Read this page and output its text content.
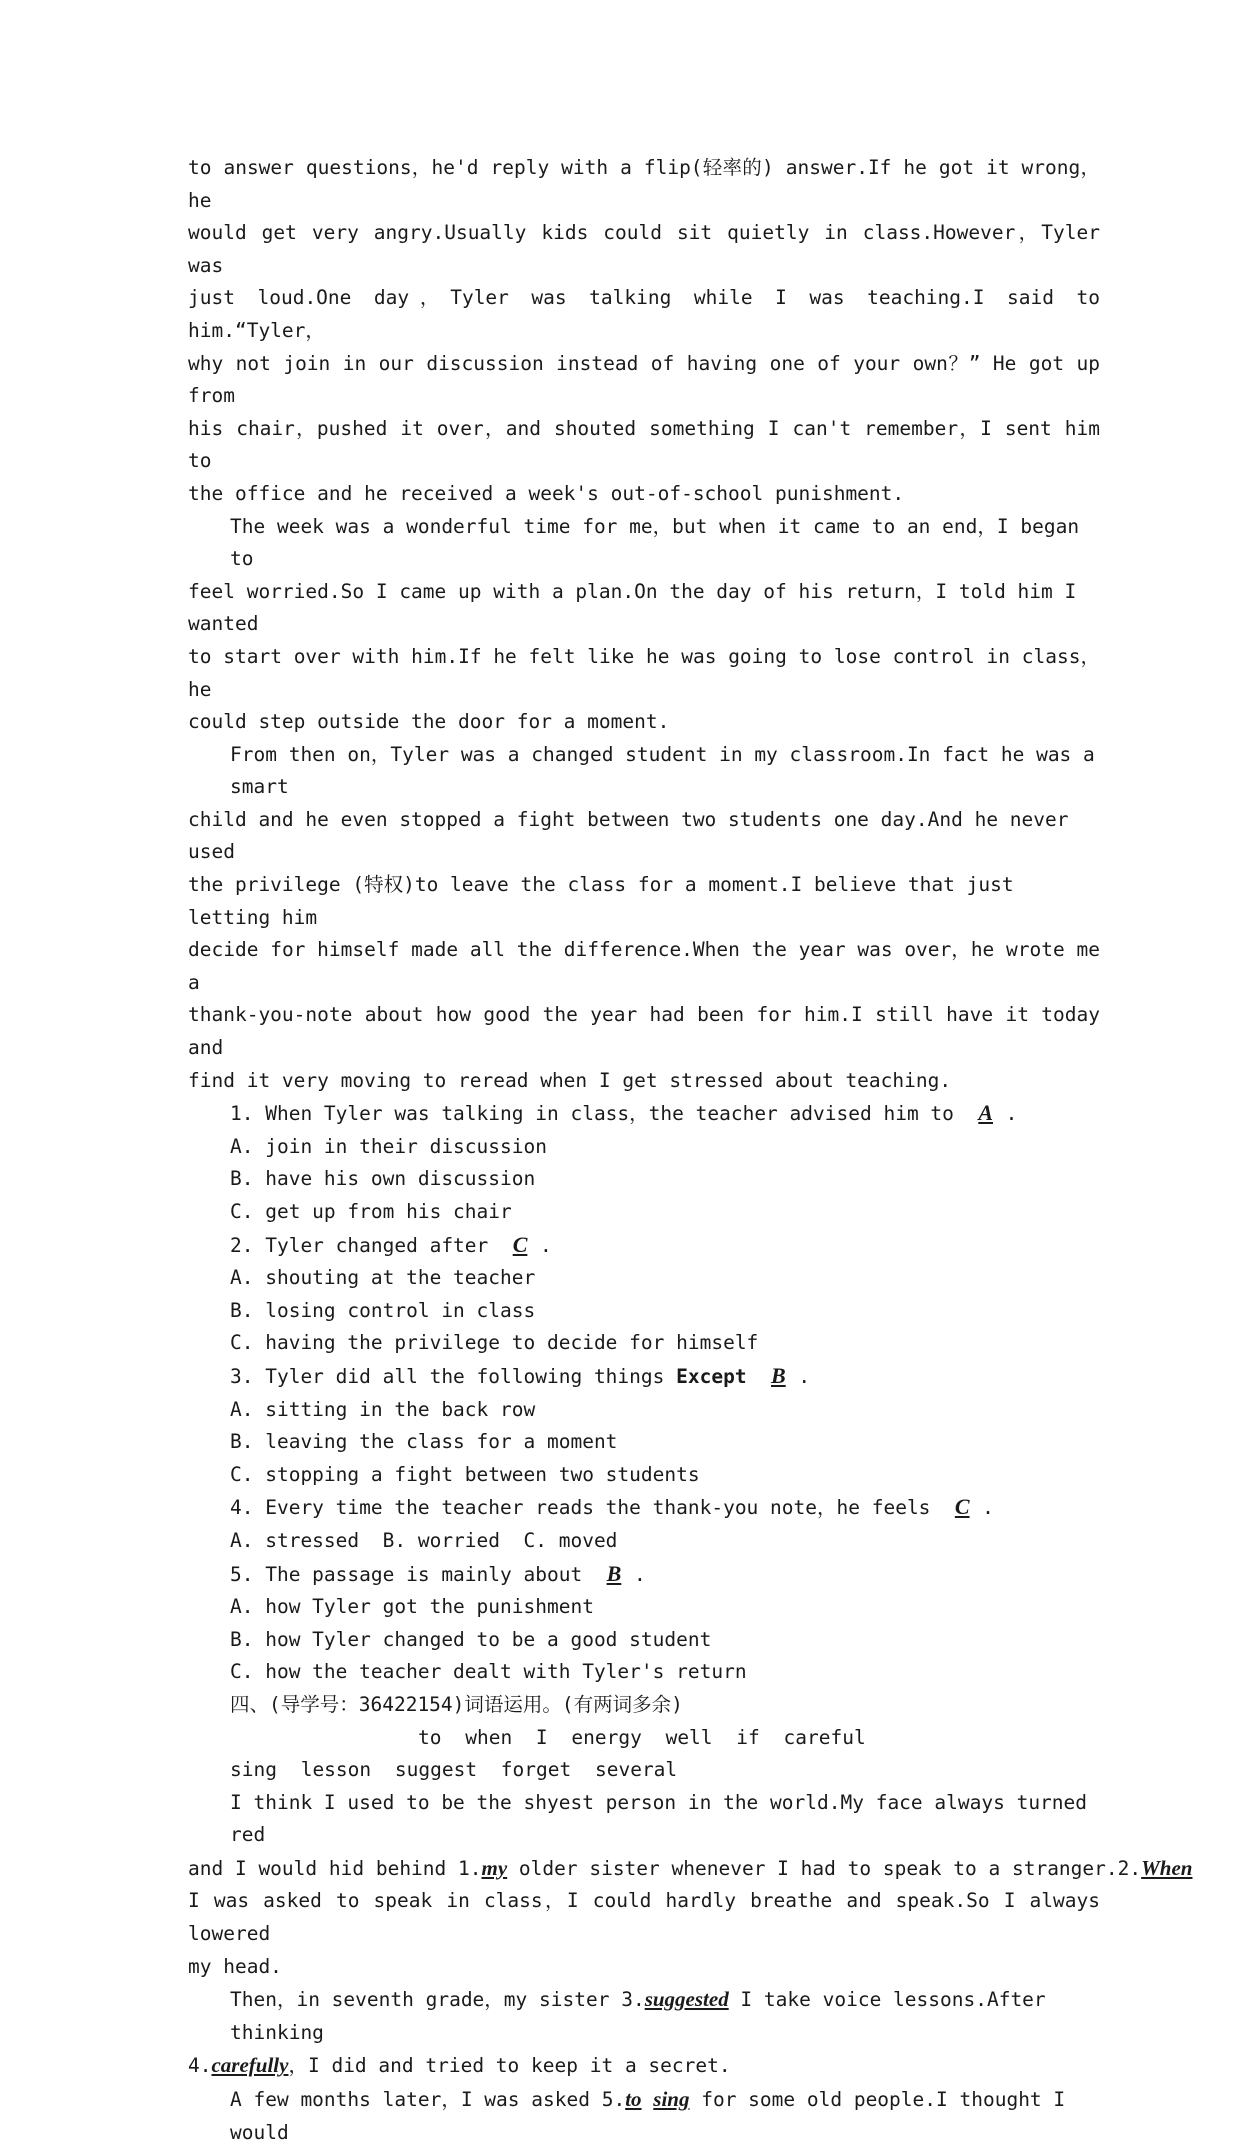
to answer questions，he'd reply with a flip(轻率的) answer.If he got it wrong，he
would get very angry.Usually kids could sit quietly in class.However，Tyler was
just loud.One day，Tyler was talking while I was teaching.I said to him.“Tyler，
why not join in our discussion instead of having one of your own？” He got up from
his chair，pushed it over，and shouted something I can't remember，I sent him to
the office and he received a week's out-of-school punishment.
The week was a wonderful time for me，but when it came to an end，I began to
feel worried.So I came up with a plan.On the day of his return，I told him I wanted
to start over with him.If he felt like he was going to lose control in class，he
could step outside the door for a moment.
From then on，Tyler was a changed student in my classroom.In fact he was a smart
child and he even stopped a fight between two students one day.And he never used
the privilege (特权)to leave the class for a moment.I believe that just letting him
decide for himself made all the difference.When the year was over，he wrote me a
thank-you-note about how good the year had been for him.I still have it today and
find it very moving to reread when I get stressed about teaching.
1. When Tyler was talking in class，the teacher advised him to A .
A. join in their discussion
B. have his own discussion
C. get up from his chair
2. Tyler changed after C .
A. shouting at the teacher
B. losing control in class
C. having the privilege to decide for himself
3. Tyler did all the following things Except B .
A. sitting in the back row
B. leaving the class for a moment
C. stopping a fight between two students
4. Every time the teacher reads the thank-you note，he feels C .
A. stressed  B. worried  C. moved
5. The passage is mainly about B .
A. how Tyler got the punishment
B. how Tyler changed to be a good student
C. how the teacher dealt with Tyler's return
四、(导学号：36422154)词语运用。(有两词多余)
to when I energy well if careful
sing lesson suggest forget several
I think I used to be the shyest person in the world.My face always turned red
and I would hid behind 1.my older sister whenever I had to speak to a stranger.2.When
I was asked to speak in class，I could hardly breathe and speak.So I always lowered
my head.
Then，in seventh grade，my sister 3.suggested I take voice lessons.After thinking
4.carefully，I did and tried to keep it a secret.
A few months later，I was asked 5.to sing for some old people.I thought I would
